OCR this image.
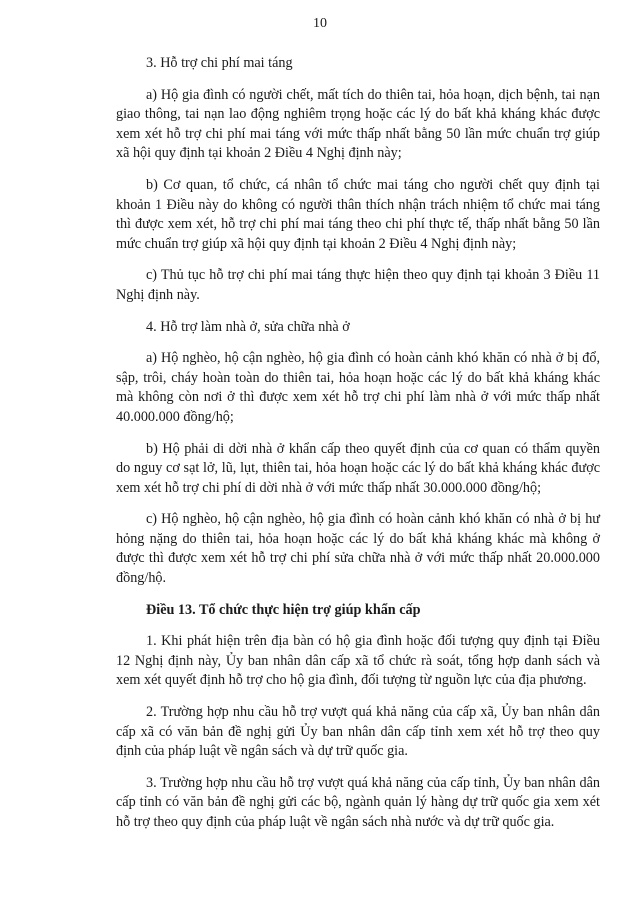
10

3. Hỗ trợ chi phí mai táng

a) Hộ gia đình có người chết, mất tích do thiên tai, hỏa hoạn, dịch bệnh, tai nạn giao thông, tai nạn lao động nghiêm trọng hoặc các lý do bất khả kháng khác được xem xét hỗ trợ chi phí mai táng với mức thấp nhất bằng 50 lần mức chuẩn trợ giúp xã hội quy định tại khoản 2 Điều 4 Nghị định này;

b) Cơ quan, tổ chức, cá nhân tổ chức mai táng cho người chết quy định tại khoản 1 Điều này do không có người thân thích nhận trách nhiệm tổ chức mai táng thì được xem xét, hỗ trợ chi phí mai táng theo chi phí thực tế, thấp nhất bằng 50 lần mức chuẩn trợ giúp xã hội quy định tại khoản 2 Điều 4 Nghị định này;

c) Thủ tục hỗ trợ chi phí mai táng thực hiện theo quy định tại khoản 3 Điều 11 Nghị định này.

4. Hỗ trợ làm nhà ở, sửa chữa nhà ở

a) Hộ nghèo, hộ cận nghèo, hộ gia đình có hoàn cảnh khó khăn có nhà ở bị đổ, sập, trôi, cháy hoàn toàn do thiên tai, hỏa hoạn hoặc các lý do bất khả kháng khác mà không còn nơi ở thì được xem xét hỗ trợ chi phí làm nhà ở với mức thấp nhất 40.000.000 đồng/hộ;

b) Hộ phải di dời nhà ở khẩn cấp theo quyết định của cơ quan có thẩm quyền do nguy cơ sạt lở, lũ, lụt, thiên tai, hỏa hoạn hoặc các lý do bất khả kháng khác được xem xét hỗ trợ chi phí di dời nhà ở với mức thấp nhất 30.000.000 đồng/hộ;

c) Hộ nghèo, hộ cận nghèo, hộ gia đình có hoàn cảnh khó khăn có nhà ở bị hư hỏng nặng do thiên tai, hỏa hoạn hoặc các lý do bất khả kháng khác mà không ở được thì được xem xét hỗ trợ chi phí sửa chữa nhà ở với mức thấp nhất 20.000.000 đồng/hộ.

Điều 13. Tổ chức thực hiện trợ giúp khẩn cấp

1. Khi phát hiện trên địa bàn có hộ gia đình hoặc đối tượng quy định tại Điều 12 Nghị định này, Ủy ban nhân dân cấp xã tổ chức rà soát, tổng hợp danh sách và xem xét quyết định hỗ trợ cho hộ gia đình, đối tượng từ nguồn lực của địa phương.

2. Trường hợp nhu cầu hỗ trợ vượt quá khả năng của cấp xã, Ủy ban nhân dân cấp xã có văn bản đề nghị gửi Ủy ban nhân dân cấp tỉnh xem xét hỗ trợ theo quy định của pháp luật về ngân sách và dự trữ quốc gia.

3. Trường hợp nhu cầu hỗ trợ vượt quá khả năng của cấp tỉnh, Ủy ban nhân dân cấp tỉnh có văn bản đề nghị gửi các bộ, ngành quản lý hàng dự trữ quốc gia xem xét hỗ trợ theo quy định của pháp luật về ngân sách nhà nước và dự trữ quốc gia.
